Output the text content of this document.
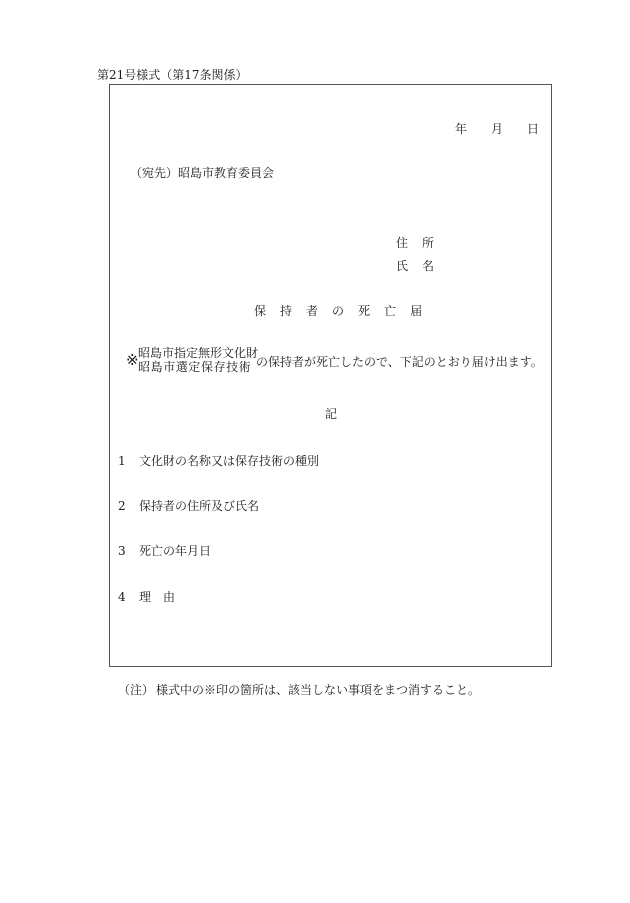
第21号様式（第17条関係）
年 月 日
（宛先）昭島市教育委員会
住 所
氏 名
保 持 者 の 死 亡 届
※ 昭島市指定無形文化財
昭島市選定保存技術 の保持者が死亡したので、下記のとおり届け出ます。
記
1 文化財の名称又は保存技術の種別
2 保持者の住所及び氏名
3 死亡の年月日
4 理　由
（注） 様式中の※印の箇所は、該当しない事項をまつ消すること。
